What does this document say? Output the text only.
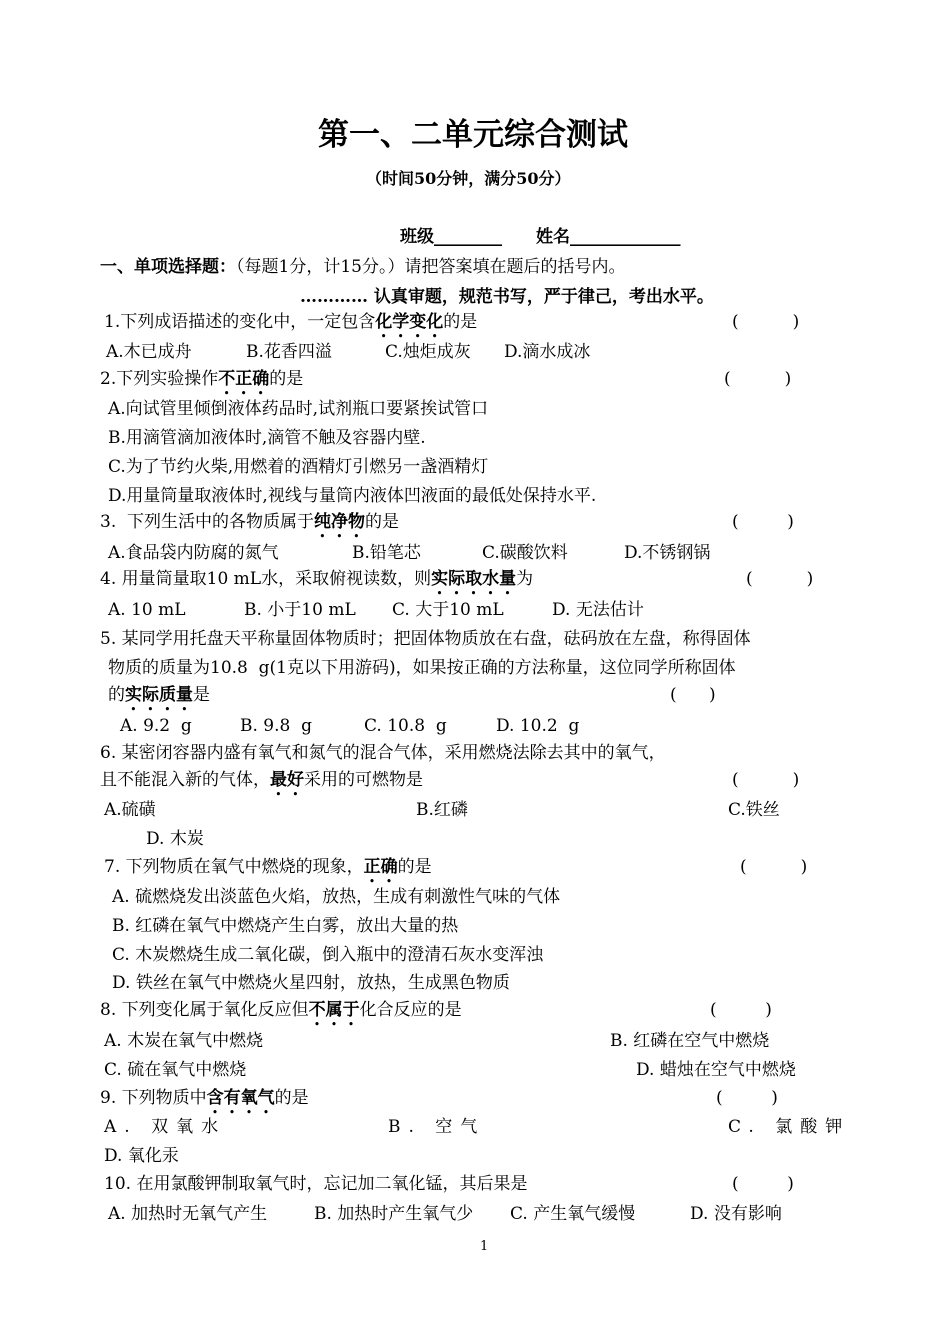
第一、二单元综合测试
（时间50分钟，满分50分）
班级________ 姓名_____________
一、单项选择题：（每题1分，计15分。）请把答案填在题后的括号内。
………… 认真审题，规范书写，严于律己，考出水平。
1.下列成语描述的变化中，一定包含化学变化的是	(          )
A.木已成舟	B.花香四溢	C.烛炬成灰 D.滴水成冰
2.下列实验操作不正确的是	(          )
A.向试管里倾倒液体药品时,试剂瓶口要紧挨试管口
B.用滴管滴加液体时,滴管不触及容器内壁.
C.为了节约火柴,用燃着的酒精灯引燃另一盏酒精灯
D.用量筒量取液体时,视线与量筒内液体凹液面的最低处保持水平.
3.  下列生活中的各物质属于纯净物的是	(         )
A.食品袋内防腐的氮气	B.铅笔芯	C.碳酸饮料	D.不锈钢锅
4. 用量筒量取10 mL水，采取俯视读数，则实际取水量为	(          )
A. 10 mL	B. 小于10 mL C. 大于10 mL	D. 无法估计
5. 某同学用托盘天平称量固体物质时；把固体物质放在右盘，砝码放在左盘，称得固体
物质的质量为10.8  g(1克以下用游码)，如果按正确的方法称量，这位同学所称固体
的实际质量是	(      )
A. 9.2  g	B. 9.8  g	C. 10.8  g	D. 10.2  g
6. 某密闭容器内盛有氧气和氮气的混合气体，采用燃烧法除去其中的氧气，
且不能混入新的气体，最好采用的可燃物是	(          )
A.硫磺	B.红磷	C.铁丝
D. 木炭
7. 下列物质在氧气中燃烧的现象，正确的是	(          )
A. 硫燃烧发出淡蓝色火焰，放热，生成有刺激性气味的气体
B. 红磷在氧气中燃烧产生白雾，放出大量的热
C. 木炭燃烧生成二氧化碳，倒入瓶中的澄清石灰水变浑浊
D. 铁丝在氧气中燃烧火星四射，放热，生成黑色物质
8. 下列变化属于氧化反应但不属于化合反应的是	(         )
A. 木炭在氧气中燃烧	B. 红磷在空气中燃烧
C. 硫在氧气中燃烧	D. 蜡烛在空气中燃烧
9. 下列物质中含有氧气的是	(         )
A. 双氧水	B. 空气	C. 氯酸钾
D. 氧化汞
10. 在用氯酸钾制取氧气时，忘记加二氧化锰，其后果是	(         )
A. 加热时无氧气产生	B. 加热时产生氧气少 C. 产生氧气缓慢	D. 没有影响
1
